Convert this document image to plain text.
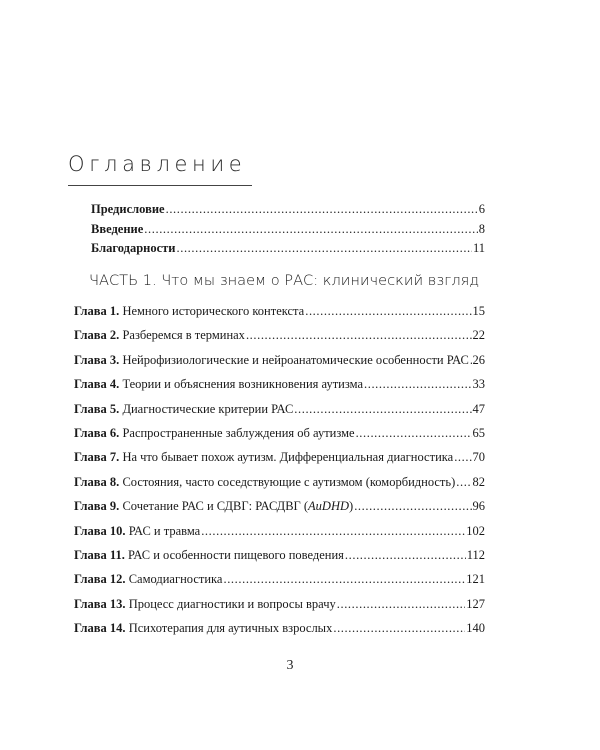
Оглавление
Предисловие .....	6
Введение .....	8
Благодарности .....	11
ЧАСТЬ 1. Что мы знаем о РАС: клинический взгляд
Глава 1. Немного исторического контекста .....	15
Глава 2. Разберемся в терминах .....	22
Глава 3. Нейрофизиологические и нейроанатомические особенности РАС ..... 26
Глава 4. Теории и объяснения возникновения аутизма .....	33
Глава 5. Диагностические критерии РАС .....	47
Глава 6. Распространенные заблуждения об аутизме .....	65
Глава 7. На что бывает похож аутизм. Дифференциальная диагностика ..... 70
Глава 8. Состояния, часто соседствующие с аутизмом (коморбидность) ..... 82
Глава 9. Сочетание РАС и СДВГ: РАСДВГ (AuDHD) .....	96
Глава 10. РАС и травма .....	102
Глава 11. РАС и особенности пищевого поведения .....	112
Глава 12. Самодиагностика .....	121
Глава 13. Процесс диагностики и вопросы врачу .....	127
Глава 14. Психотерапия для аутичных взрослых .....	140
3
